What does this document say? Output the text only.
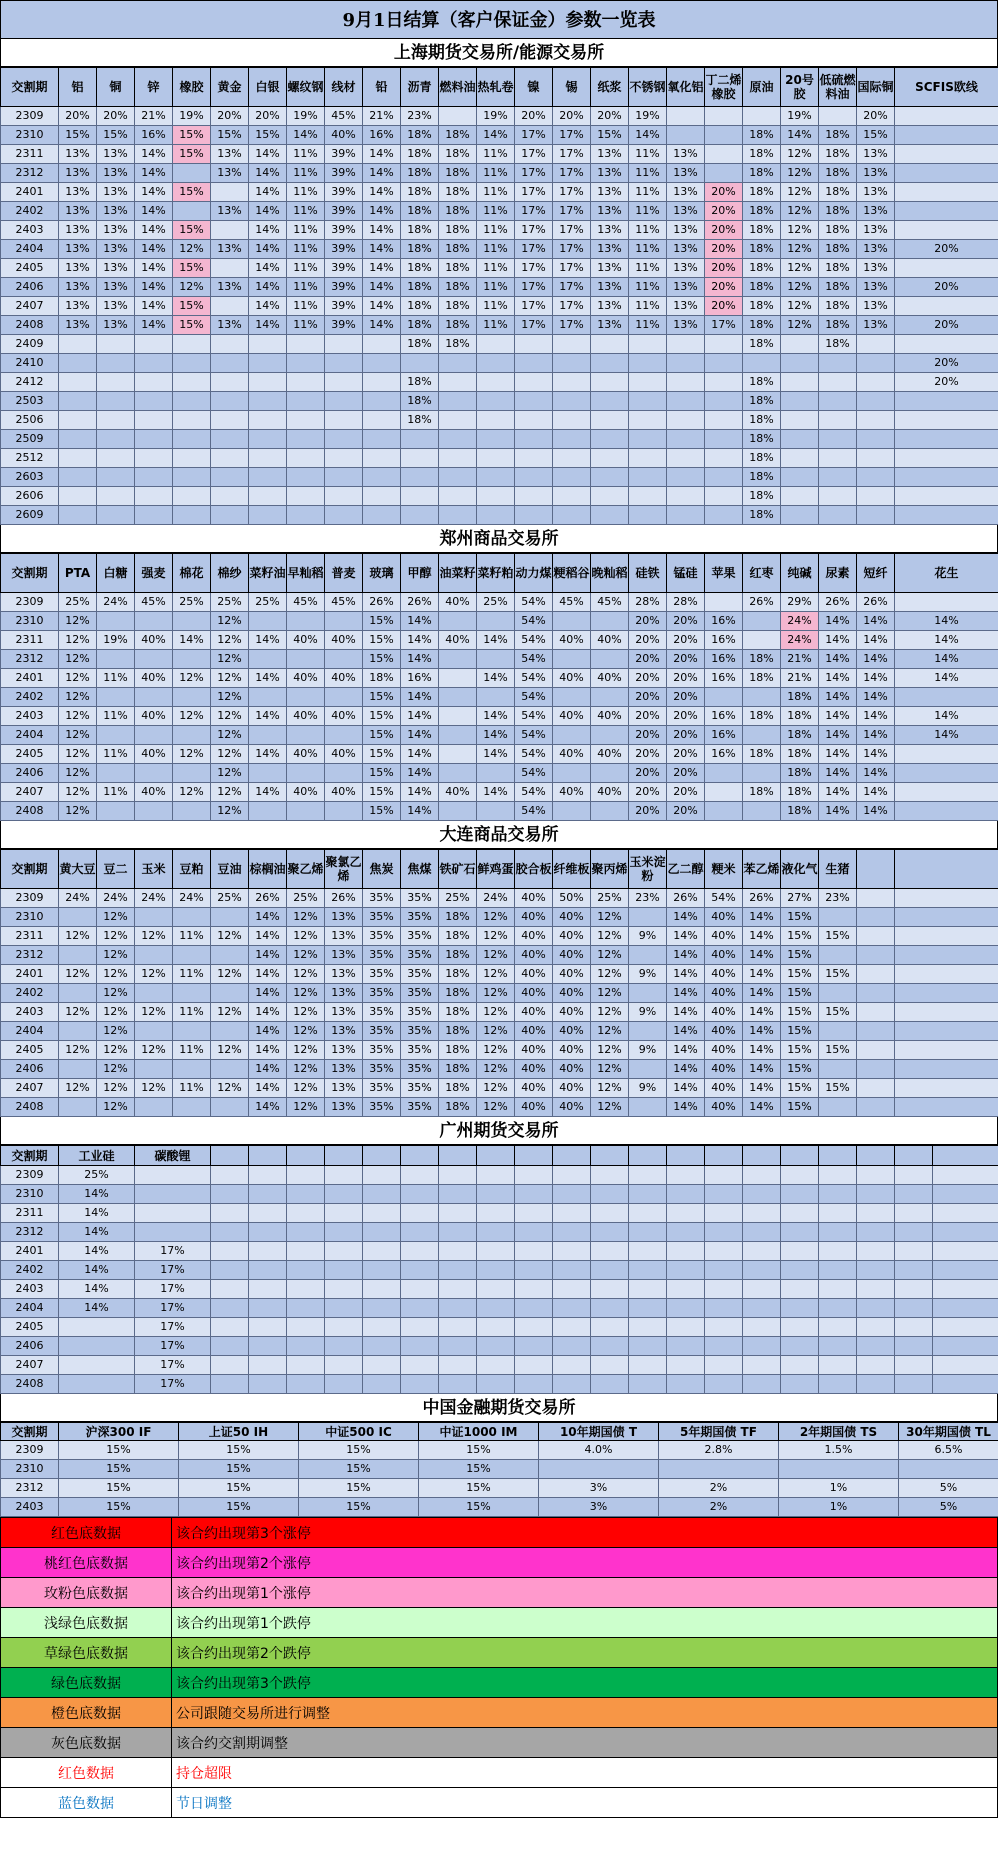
9月1日结算（客户保证金）参数一览表
上海期货交易所/能源交易所
交割期	铝	铜	锌	橡胶	黄金	白银	螺纹钢	线材	铅	沥青	燃料油	热轧卷	镍	锡	纸浆	不锈钢	氧化铝	丁二烯橡胶	原油	20号胶	低硫燃料油	国际铜	SCFIS欧线
2309	20%	20%	21%	19%	20%	20%	19%	45%	21%	23%		19%	20%	20%	20%	19%				19%		20%	
2310	15%	15%	16%	15%	15%	15%	14%	40%	16%	18%	18%	14%	17%	17%	15%	14%			18%	14%	18%	15%	
2311	13%	13%	14%	15%	13%	14%	11%	39%	14%	18%	18%	11%	17%	17%	13%	11%	13%		18%	12%	18%	13%	
2312	13%	13%	14%		13%	14%	11%	39%	14%	18%	18%	11%	17%	17%	13%	11%	13%		18%	12%	18%	13%	
2401	13%	13%	14%	15%		14%	11%	39%	14%	18%	18%	11%	17%	17%	13%	11%	13%	20%	18%	12%	18%	13%	
2402	13%	13%	14%		13%	14%	11%	39%	14%	18%	18%	11%	17%	17%	13%	11%	13%	20%	18%	12%	18%	13%	
2403	13%	13%	14%	15%		14%	11%	39%	14%	18%	18%	11%	17%	17%	13%	11%	13%	20%	18%	12%	18%	13%	
2404	13%	13%	14%	12%	13%	14%	11%	39%	14%	18%	18%	11%	17%	17%	13%	11%	13%	20%	18%	12%	18%	13%	20%
2405	13%	13%	14%	15%		14%	11%	39%	14%	18%	18%	11%	17%	17%	13%	11%	13%	20%	18%	12%	18%	13%	
2406	13%	13%	14%	12%	13%	14%	11%	39%	14%	18%	18%	11%	17%	17%	13%	11%	13%	20%	18%	12%	18%	13%	20%
2407	13%	13%	14%	15%		14%	11%	39%	14%	18%	18%	11%	17%	17%	13%	11%	13%	20%	18%	12%	18%	13%	
2408	13%	13%	14%	15%	13%	14%	11%	39%	14%	18%	18%	11%	17%	17%	13%	11%	13%	17%	18%	12%	18%	13%	20%
2409										18%	18%								18%		18%		
2410																							20%
2412										18%									18%				20%
2503										18%									18%				
2506										18%									18%				
2509																			18%				
2512																			18%				
2603																			18%				
2606																			18%				
2609																			18%				
郑州商品交易所
交割期	PTA	白糖	强麦	棉花	棉纱	菜籽油	早籼稻	普麦	玻璃	甲醇	油菜籽	菜籽粕	动力煤	粳稻谷	晚籼稻	硅铁	锰硅	苹果	红枣	纯碱	尿素	短纤	花生
2309	25%	24%	45%	25%	25%	25%	45%	45%	26%	26%	40%	25%	54%	45%	45%	28%	28%		26%	29%	26%	26%	
2310	12%				12%				15%	14%			54%			20%	20%	16%		24%	14%	14%	14%
2311	12%	19%	40%	14%	12%	14%	40%	40%	15%	14%	40%	14%	54%	40%	40%	20%	20%	16%		24%	14%	14%	14%
2312	12%				12%				15%	14%			54%			20%	20%	16%	18%	21%	14%	14%	14%
2401	12%	11%	40%	12%	12%	14%	40%	40%	18%	16%		14%	54%	40%	40%	20%	20%	16%	18%	21%	14%	14%	14%
2402	12%				12%				15%	14%			54%			20%	20%			18%	14%	14%	
2403	12%	11%	40%	12%	12%	14%	40%	40%	15%	14%		14%	54%	40%	40%	20%	20%	16%	18%	18%	14%	14%	14%
2404	12%				12%				15%	14%		14%	54%			20%	20%	16%		18%	14%	14%	14%
2405	12%	11%	40%	12%	12%	14%	40%	40%	15%	14%		14%	54%	40%	40%	20%	20%	16%	18%	18%	14%	14%	
2406	12%				12%				15%	14%			54%			20%	20%			18%	14%	14%	
2407	12%	11%	40%	12%	12%	14%	40%	40%	15%	14%	40%	14%	54%	40%	40%	20%	20%		18%	18%	14%	14%	
2408	12%				12%				15%	14%			54%			20%	20%			18%	14%	14%	
大连商品交易所
交割期	黄大豆	豆二	玉米	豆粕	豆油	棕榈油	聚乙烯	聚氯乙烯	焦炭	焦煤	铁矿石	鲜鸡蛋	胶合板	纤维板	聚丙烯	玉米淀粉	乙二醇	粳米	苯乙烯	液化气	生猪		
2309	24%	24%	24%	24%	25%	26%	25%	26%	35%	35%	25%	24%	40%	50%	25%	23%	26%	54%	26%	27%	23%		
2310		12%				14%	12%	13%	35%	35%	18%	12%	40%	40%	12%		14%	40%	14%	15%			
2311	12%	12%	12%	11%	12%	14%	12%	13%	35%	35%	18%	12%	40%	40%	12%	9%	14%	40%	14%	15%	15%		
2312		12%				14%	12%	13%	35%	35%	18%	12%	40%	40%	12%		14%	40%	14%	15%			
2401	12%	12%	12%	11%	12%	14%	12%	13%	35%	35%	18%	12%	40%	40%	12%	9%	14%	40%	14%	15%	15%		
2402		12%				14%	12%	13%	35%	35%	18%	12%	40%	40%	12%		14%	40%	14%	15%			
2403	12%	12%	12%	11%	12%	14%	12%	13%	35%	35%	18%	12%	40%	40%	12%	9%	14%	40%	14%	15%	15%		
2404		12%				14%	12%	13%	35%	35%	18%	12%	40%	40%	12%		14%	40%	14%	15%			
2405	12%	12%	12%	11%	12%	14%	12%	13%	35%	35%	18%	12%	40%	40%	12%	9%	14%	40%	14%	15%	15%		
2406		12%				14%	12%	13%	35%	35%	18%	12%	40%	40%	12%		14%	40%	14%	15%			
2407	12%	12%	12%	11%	12%	14%	12%	13%	35%	35%	18%	12%	40%	40%	12%	9%	14%	40%	14%	15%	15%		
2408		12%				14%	12%	13%	35%	35%	18%	12%	40%	40%	12%		14%	40%	14%	15%			
广州期货交易所
交割期	工业硅	碳酸锂																				
2309	25%																					
2310	14%																					
2311	14%																					
2312	14%																					
2401	14%	17%																				
2402	14%	17%																				
2403	14%	17%																				
2404	14%	17%																				
2405		17%																				
2406		17%																				
2407		17%																				
2408		17%																				
中国金融期货交易所
交割期	沪深300 IF	上证50 IH	中证500 IC	中证1000 IM	10年期国债 T	5年期国债 TF	2年期国债 TS	30年期国债 TL
2309	15%	15%	15%	15%	4.0%	2.8%	1.5%	6.5%
2310	15%	15%	15%	15%				
2312	15%	15%	15%	15%	3%	2%	1%	5%
2403	15%	15%	15%	15%	3%	2%	1%	5%
红色底数据	该合约出现第3个涨停
桃红色底数据	该合约出现第2个涨停
玫粉色底数据	该合约出现第1个涨停
浅绿色底数据	该合约出现第1个跌停
草绿色底数据	该合约出现第2个跌停
绿色底数据	该合约出现第3个跌停
橙色底数据	公司跟随交易所进行调整
灰色底数据	该合约交割期调整
红色数据	持仓超限
蓝色数据	节日调整
